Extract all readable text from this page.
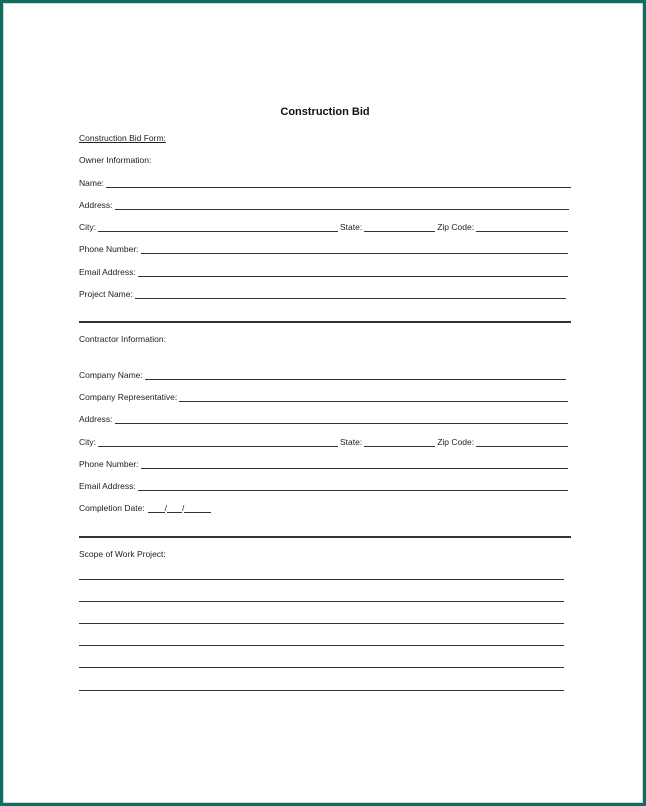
Construction Bid
Construction Bid Form:
Owner Information:
Name:
Address:
City:	State:	Zip Code:
Phone Number:
Email Address:
Project Name:
Contractor Information:
Company Name:
Company Representative:
Address:
City:	State:	Zip Code:
Phone Number:
Email Address:
Completion Date: / /
Scope of Work Project:
